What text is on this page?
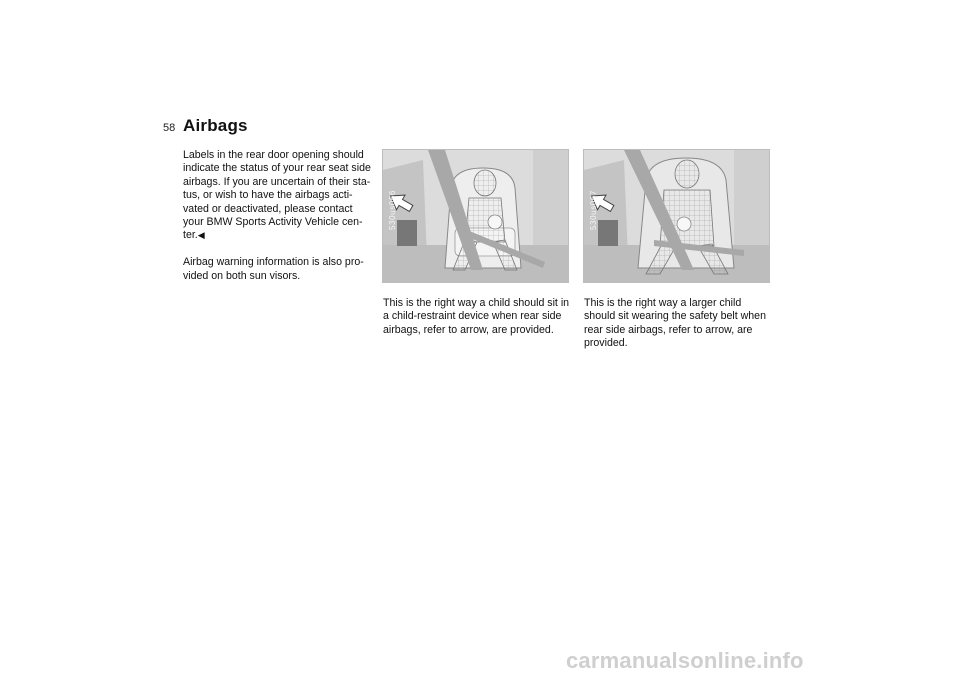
58 Airbags

Labels in the rear door opening should
indicate the status of your rear seat side
airbags. If you are uncertain of their sta-
tus, or wish to have the airbags acti-
vated or deactivated, please contact
your BMW Sports Activity Vehicle cen-
ter.◀

Airbag warning information is also pro-
vided on both sun visors.

530us066	530us067

This is the right way a child should sit in
a child-restraint device when rear side
airbags, refer to arrow, are provided.

This is the right way a larger child
should sit wearing the safety belt when
rear side airbags, refer to arrow, are
provided.

carmanualsonline.info
